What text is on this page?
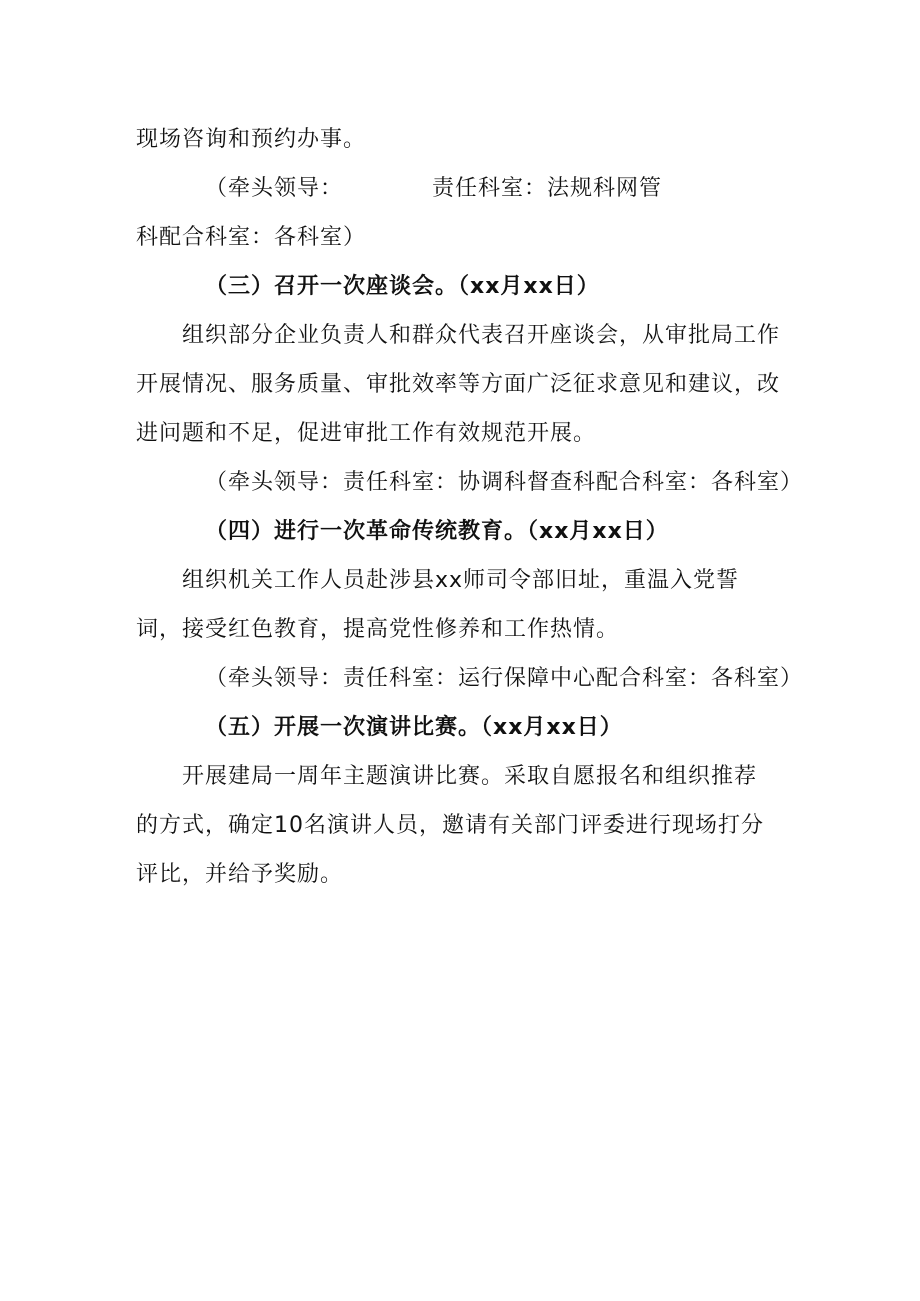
现场咨询和预约办事。
（牵头领导：	责任科室：法规科网管
科配合科室：各科室）
（三）召开一次座谈会。（xx月xx日）
组织部分企业负责人和群众代表召开座谈会，从审批局工作
开展情况、服务质量、审批效率等方面广泛征求意见和建议，改
进问题和不足，促进审批工作有效规范开展。
（牵头领导：责任科室：协调科督查科配合科室：各科室）
（四）进行一次革命传统教育。（xx月xx日）
组织机关工作人员赴涉县xx师司令部旧址，重温入党誓
词，接受红色教育，提高党性修养和工作热情。
（牵头领导：责任科室：运行保障中心配合科室：各科室）
（五）开展一次演讲比赛。（xx月xx日）
开展建局一周年主题演讲比赛。采取自愿报名和组织推荐
的方式，确定10名演讲人员，邀请有关部门评委进行现场打分
评比，并给予奖励。
